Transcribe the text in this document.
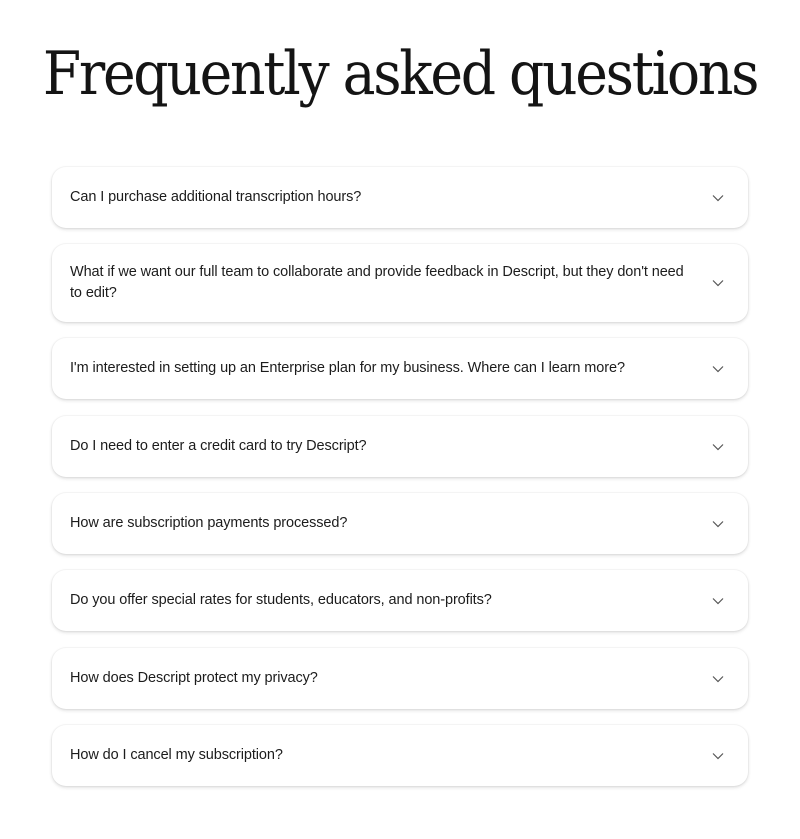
Frequently asked questions
Can I purchase additional transcription hours?
What if we want our full team to collaborate and provide feedback in Descript, but they don't need to edit?
I'm interested in setting up an Enterprise plan for my business. Where can I learn more?
Do I need to enter a credit card to try Descript?
How are subscription payments processed?
Do you offer special rates for students, educators, and non-profits?
How does Descript protect my privacy?
How do I cancel my subscription?
